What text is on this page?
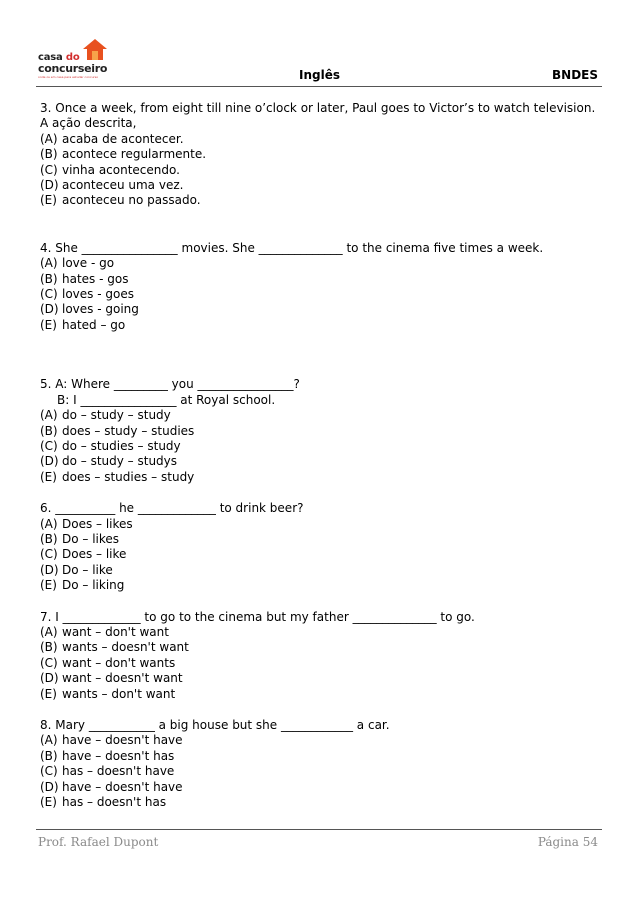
casa do
concurseiro
onde os em casa para estudar concurso	Inglês	BNDES
3. Once a week, from eight till nine o’clock or later, Paul goes to Victor’s to watch television.
A ação descrita,
(A) acaba de acontecer.
(B) acontece regularmente.
(C) vinha acontecendo.
(D) aconteceu uma vez.
(E) aconteceu no passado.
4. She ________________ movies. She ______________ to the cinema five times a week.
(A) love - go
(B) hates - gos
(C) loves - goes
(D) loves - going
(E) hated – go
5. A: Where _________ you ________________?
B: I ________________ at Royal school.
(A) do – study – study
(B) does – study – studies
(C) do – studies – study
(D) do – study – studys
(E) does – studies – study
6. __________ he _____________ to drink beer?
(A) Does – likes
(B) Do – likes
(C) Does – like
(D) Do – like
(E) Do – liking
7. I _____________ to go to the cinema but my father ______________ to go.
(A) want – don't want
(B) wants – doesn't want
(C) want – don't wants
(D) want – doesn't want
(E) wants – don't want
8. Mary ___________ a big house but she ____________ a car.
(A) have – doesn't have
(B) have – doesn't has
(C) has – doesn't have
(D) have – doesn't have
(E) has – doesn't has
Prof. Rafael Dupont	Página 54
